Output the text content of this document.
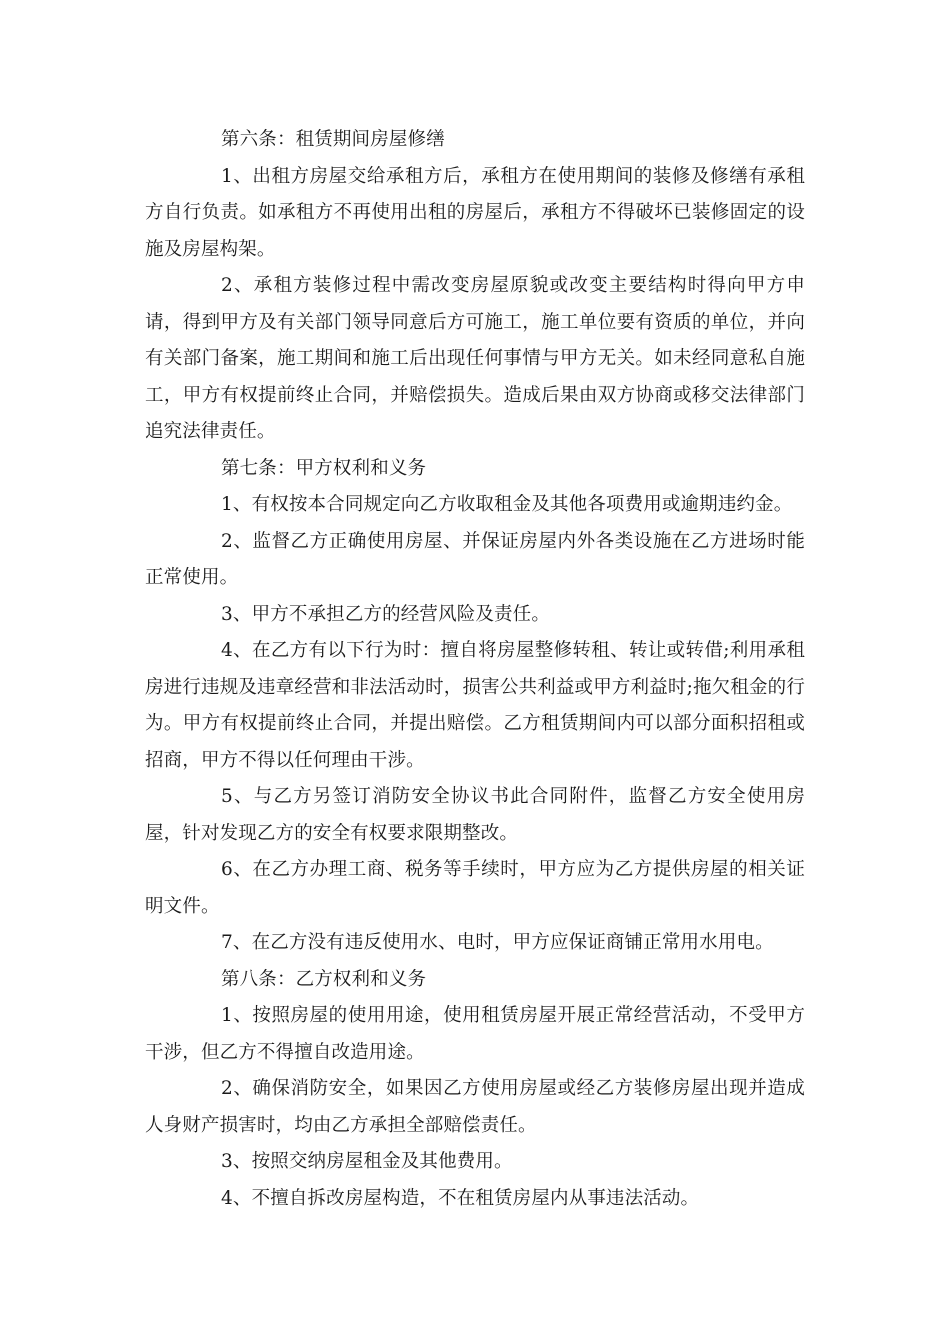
第六条：租赁期间房屋修缮

1、出租方房屋交给承租方后，承租方在使用期间的装修及修缮有承租方自行负责。如承租方不再使用出租的房屋后，承租方不得破坏已装修固定的设施及房屋构架。

2、承租方装修过程中需改变房屋原貌或改变主要结构时得向甲方申请，得到甲方及有关部门领导同意后方可施工，施工单位要有资质的单位，并向有关部门备案，施工期间和施工后出现任何事情与甲方无关。如未经同意私自施工，甲方有权提前终止合同，并赔偿损失。造成后果由双方协商或移交法律部门追究法律责任。

第七条：甲方权利和义务

1、有权按本合同规定向乙方收取租金及其他各项费用或逾期违约金。

2、监督乙方正确使用房屋、并保证房屋内外各类设施在乙方进场时能正常使用。

3、甲方不承担乙方的经营风险及责任。

4、在乙方有以下行为时：擅自将房屋整修转租、转让或转借;利用承租房进行违规及违章经营和非法活动时，损害公共利益或甲方利益时;拖欠租金的行为。甲方有权提前终止合同，并提出赔偿。乙方租赁期间内可以部分面积招租或招商，甲方不得以任何理由干涉。

5、与乙方另签订消防安全协议书此合同附件，监督乙方安全使用房屋，针对发现乙方的安全有权要求限期整改。

6、在乙方办理工商、税务等手续时，甲方应为乙方提供房屋的相关证明文件。

7、在乙方没有违反使用水、电时，甲方应保证商铺正常用水用电。

第八条：乙方权利和义务

1、按照房屋的使用用途，使用租赁房屋开展正常经营活动，不受甲方干涉，但乙方不得擅自改造用途。

2、确保消防安全，如果因乙方使用房屋或经乙方装修房屋出现并造成人身财产损害时，均由乙方承担全部赔偿责任。

3、按照交纳房屋租金及其他费用。

4、不擅自拆改房屋构造，不在租赁房屋内从事违法活动。
